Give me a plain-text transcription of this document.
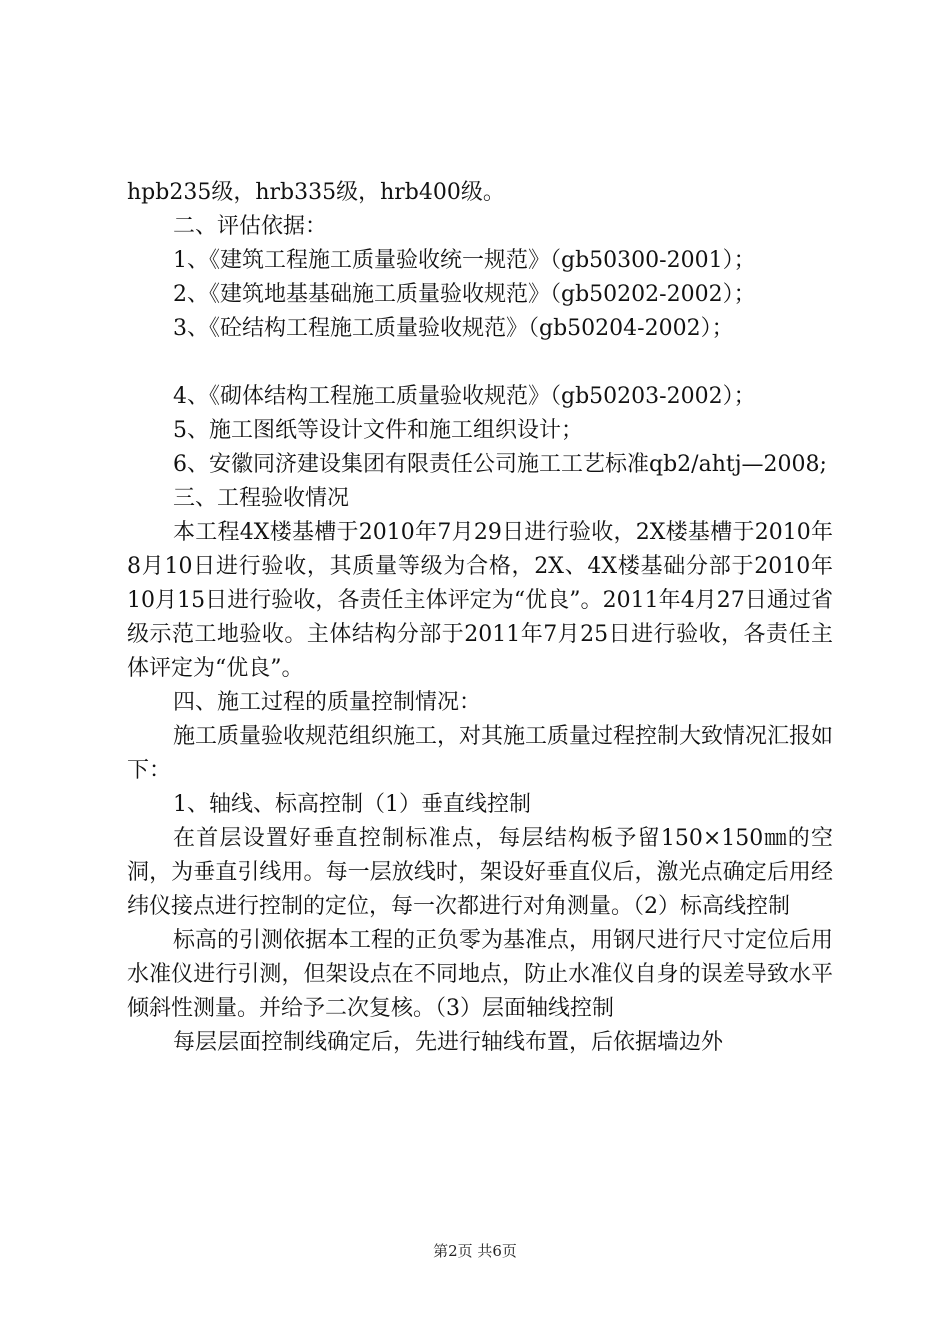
hpb235级，hrb335级，hrb400级。

二、评估依据：

1、《建筑工程施工质量验收统一规范》（gb50300-2001）；

2、《建筑地基基础施工质量验收规范》（gb50202-2002）；

3、《砼结构工程施工质量验收规范》（gb50204-2002）；

4、《砌体结构工程施工质量验收规范》（gb50203-2002）；

5、施工图纸等设计文件和施工组织设计；

6、安徽同济建设集团有限责任公司施工工艺标准qb2/ahtj—2008;

三、工程验收情况

本工程4X楼基槽于2010年7月29日进行验收，2X楼基槽于2010年8月10日进行验收，其质量等级为合格，2X、4X楼基础分部于2010年10月15日进行验收，各责任主体评定为“优良”。2011年4月27日通过省级示范工地验收。主体结构分部于2011年7月25日进行验收，各责任主体评定为“优良”。

四、施工过程的质量控制情况：

施工质量验收规范组织施工，对其施工质量过程控制大致情况汇报如下：

1、轴线、标高控制（1）垂直线控制

在首层设置好垂直控制标准点，每层结构板予留150×150㎜的空洞，为垂直引线用。每一层放线时，架设好垂直仪后，激光点确定后用经纬仪接点进行控制的定位，每一次都进行对角测量。（2）标高线控制

标高的引测依据本工程的正负零为基准点，用钢尺进行尺寸定位后用水准仪进行引测，但架设点在不同地点，防止水准仪自身的误差导致水平倾斜性测量。并给予二次复核。（3）层面轴线控制

每层层面控制线确定后，先进行轴线布置，后依据墙边外

第2页 共6页
